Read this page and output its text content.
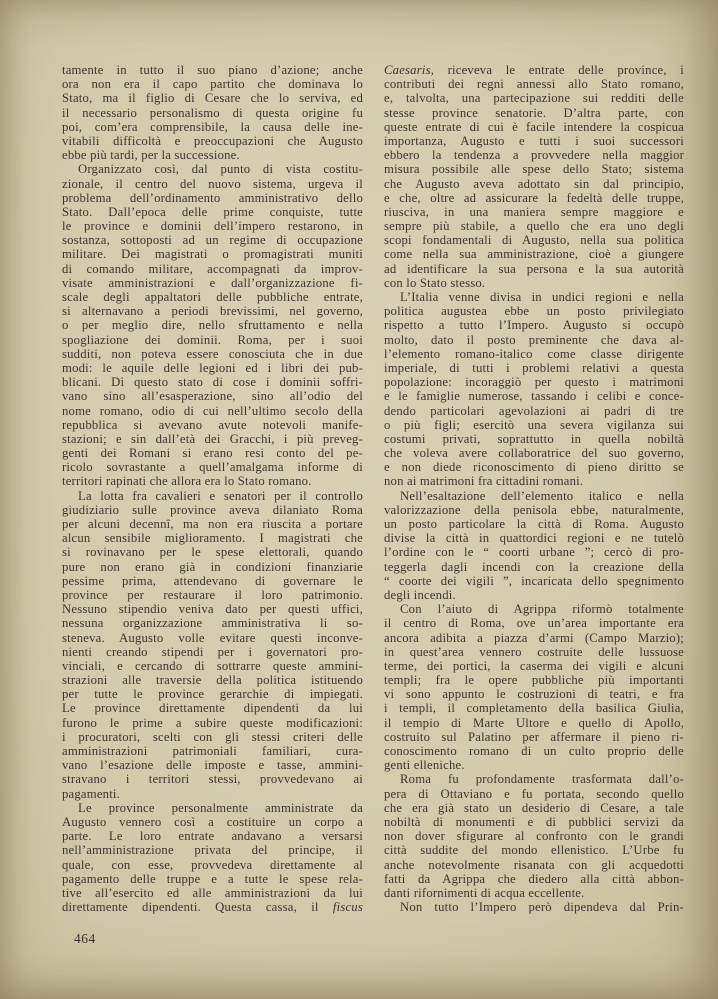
tamente in tutto il suo piano d’azione; anche
ora non era il capo partito che dominava lo
Stato, ma il figlio di Cesare che lo serviva, ed
il necessario personalismo di questa origine fu
poi, com’era comprensibile, la causa delle ine-
vitabili difficoltà e preoccupazioni che Augusto
ebbe più tardi, per la successione.
Organizzato così, dal punto di vista costitu-
zionale, il centro del nuovo sistema, urgeva il
problema dell’ordinamento amministrativo dello
Stato. Dall’epoca delle prime conquiste, tutte
le province e dominii dell’impero restarono, in
sostanza, sottoposti ad un regime di occupazione
militare. Dei magistrati o promagistrati muniti
di comando militare, accompagnati da improv-
visate amministrazioni e dall’organizzazione fi-
scale degli appaltatori delle pubbliche entrate,
si alternavano a periodi brevissimi, nel governo,
o per meglio dire, nello sfruttamento e nella
spogliazione dei dominii. Roma, per i suoi
sudditi, non poteva essere conosciuta che in due
modi: le aquile delle legioni ed i libri dei pub-
blicani. Di questo stato di cose i dominii soffri-
vano sino all’esasperazione, sino all’odio del
nome romano, odio di cui nell’ultimo secolo della
repubblica si avevano avute notevoli manife-
stazioni; e sin dall’età dei Gracchi, i più preveg-
genti dei Romani si erano resi conto del pe-
ricolo sovrastante a quell’amalgama informe di
territori rapinati che allora era lo Stato romano.
La lotta fra cavalieri e senatori per il controllo
giudiziario sulle province aveva dilaniato Roma
per alcuni decennî, ma non era riuscita a portare
alcun sensibile miglioramento. I magistrati che
si rovinavano per le spese elettorali, quando
pure non erano già in condizioni finanziarie
pessime prima, attendevano di governare le
province per restaurare il loro patrimonio.
Nessuno stipendio veniva dato per questi uffici,
nessuna organizzazione amministrativa li so-
steneva. Augusto volle evitare questi inconve-
nienti creando stipendi per i governatori pro-
vinciali, e cercando di sottrarre queste ammini-
strazioni alle traversie della politica istituendo
per tutte le province gerarchie di impiegati.
Le province direttamente dipendenti da lui
furono le prime a subire queste modificazioni:
i procuratori, scelti con gli stessi criteri delle
amministrazioni patrimoniali familiari, cura-
vano l’esazione delle imposte e tasse, ammini-
stravano i territori stessi, provvedevano ai
pagamenti.
Le province personalmente amministrate da
Augusto vennero così a costituire un corpo a
parte. Le loro entrate andavano a versarsi
nell’amministrazione privata del principe, il
quale, con esse, provvedeva direttamente al
pagamento delle truppe e a tutte le spese rela-
tive all’esercito ed alle amministrazioni da lui
direttamente dipendenti. Questa cassa, il fiscus
Caesaris, riceveva le entrate delle province, i
contributi dei regni annessi allo Stato romano,
e, talvolta, una partecipazione sui redditi delle
stesse province senatorie. D’altra parte, con
queste entrate di cui è facile intendere la cospicua
importanza, Augusto e tutti i suoi successori
ebbero la tendenza a provvedere nella maggior
misura possibile alle spese dello Stato; sistema
che Augusto aveva adottato sin dal principio,
e che, oltre ad assicurare la fedeltà delle truppe,
riusciva, in una maniera sempre maggiore e
sempre più stabile, a quello che era uno degli
scopi fondamentali di Augusto, nella sua politica
come nella sua amministrazione, cioè a giungere
ad identificare la sua persona e la sua autorità
con lo Stato stesso.
L’Italia venne divisa in undici regioni e nella
politica augustea ebbe un posto privilegiato
rispetto a tutto l’Impero. Augusto si occupò
molto, dato il posto preminente che dava al-
l’elemento romano-italico come classe dirigente
imperiale, di tutti i problemi relativi a questa
popolazione: incoraggiò per questo i matrimoni
e le famiglie numerose, tassando i celibi e conce-
dendo particolari agevolazioni ai padri di tre
o più figli; esercitò una severa vigilanza sui
costumi privati, soprattutto in quella nobiltà
che voleva avere collaboratrice del suo governo,
e non diede riconoscimento di pieno diritto se
non ai matrimoni fra cittadini romani.
Nell’esaltazione dell’elemento italico e nella
valorizzazione della penisola ebbe, naturalmente,
un posto particolare la città di Roma. Augusto
divise la città in quattordici regioni e ne tutelò
l’ordine con le “ coorti urbane ”; cercò di pro-
teggerla dagli incendi con la creazione della
“ coorte dei vigili ”, incaricata dello spegnimento
degli incendi.
Con l’aiuto di Agrippa riformò totalmente
il centro di Roma, ove un’area importante era
ancora adibita a piazza d’armi (Campo Marzio);
in quest’area vennero costruite delle lussuose
terme, dei portici, la caserma dei vigili e alcuni
templi; fra le opere pubbliche più importanti
vi sono appunto le costruzioni di teatri, e fra
i templi, il completamento della basilica Giulia,
il tempio di Marte Ultore e quello di Apollo,
costruito sul Palatino per affermare il pieno ri-
conoscimento romano di un culto proprio delle
genti elleniche.
Roma fu profondamente trasformata dall’o-
pera di Ottaviano e fu portata, secondo quello
che era già stato un desiderio di Cesare, a tale
nobiltà di monumenti e di pubblici servizi da
non dover sfigurare al confronto con le grandi
città suddite del mondo ellenistico. L’Urbe fu
anche notevolmente risanata con gli acquedotti
fatti da Agrippa che diedero alla città abbon-
danti rifornimenti di acqua eccellente.
Non tutto l’Impero però dipendeva dal Prin-
464
